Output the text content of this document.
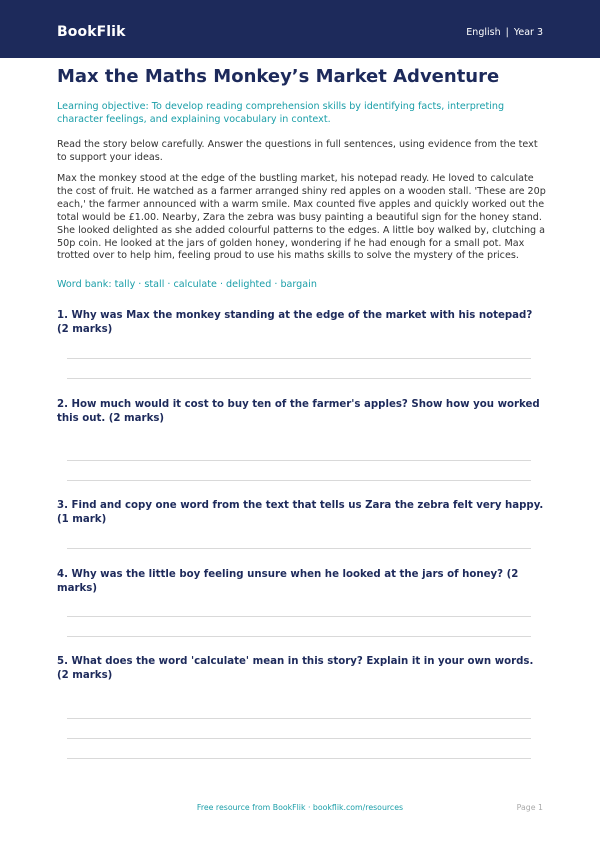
BookFlik	English | Year 3
Max the Maths Monkey’s Market Adventure

Learning objective: To develop reading comprehension skills by identifying facts, interpreting character feelings, and explaining vocabulary in context.

Read the story below carefully. Answer the questions in full sentences, using evidence from the text to support your ideas.

Max the monkey stood at the edge of the bustling market, his notepad ready. He loved to calculate the cost of fruit. He watched as a farmer arranged shiny red apples on a wooden stall. 'These are 20p each,' the farmer announced with a warm smile. Max counted five apples and quickly worked out the total would be £1.00. Nearby, Zara the zebra was busy painting a beautiful sign for the honey stand. She looked delighted as she added colourful patterns to the edges. A little boy walked by, clutching a 50p coin. He looked at the jars of golden honey, wondering if he had enough for a small pot. Max trotted over to help him, feeling proud to use his maths skills to solve the mystery of the prices.

Word bank: tally · stall · calculate · delighted · bargain

1. Why was Max the monkey standing at the edge of the market with his notepad? (2 marks)

2. How much would it cost to buy ten of the farmer's apples? Show how you worked this out. (2 marks)

3. Find and copy one word from the text that tells us Zara the zebra felt very happy. (1 mark)

4. Why was the little boy feeling unsure when he looked at the jars of honey? (2 marks)

5. What does the word 'calculate' mean in this story? Explain it in your own words. (2 marks)

Free resource from BookFlik · bookflik.com/resources	Page 1
